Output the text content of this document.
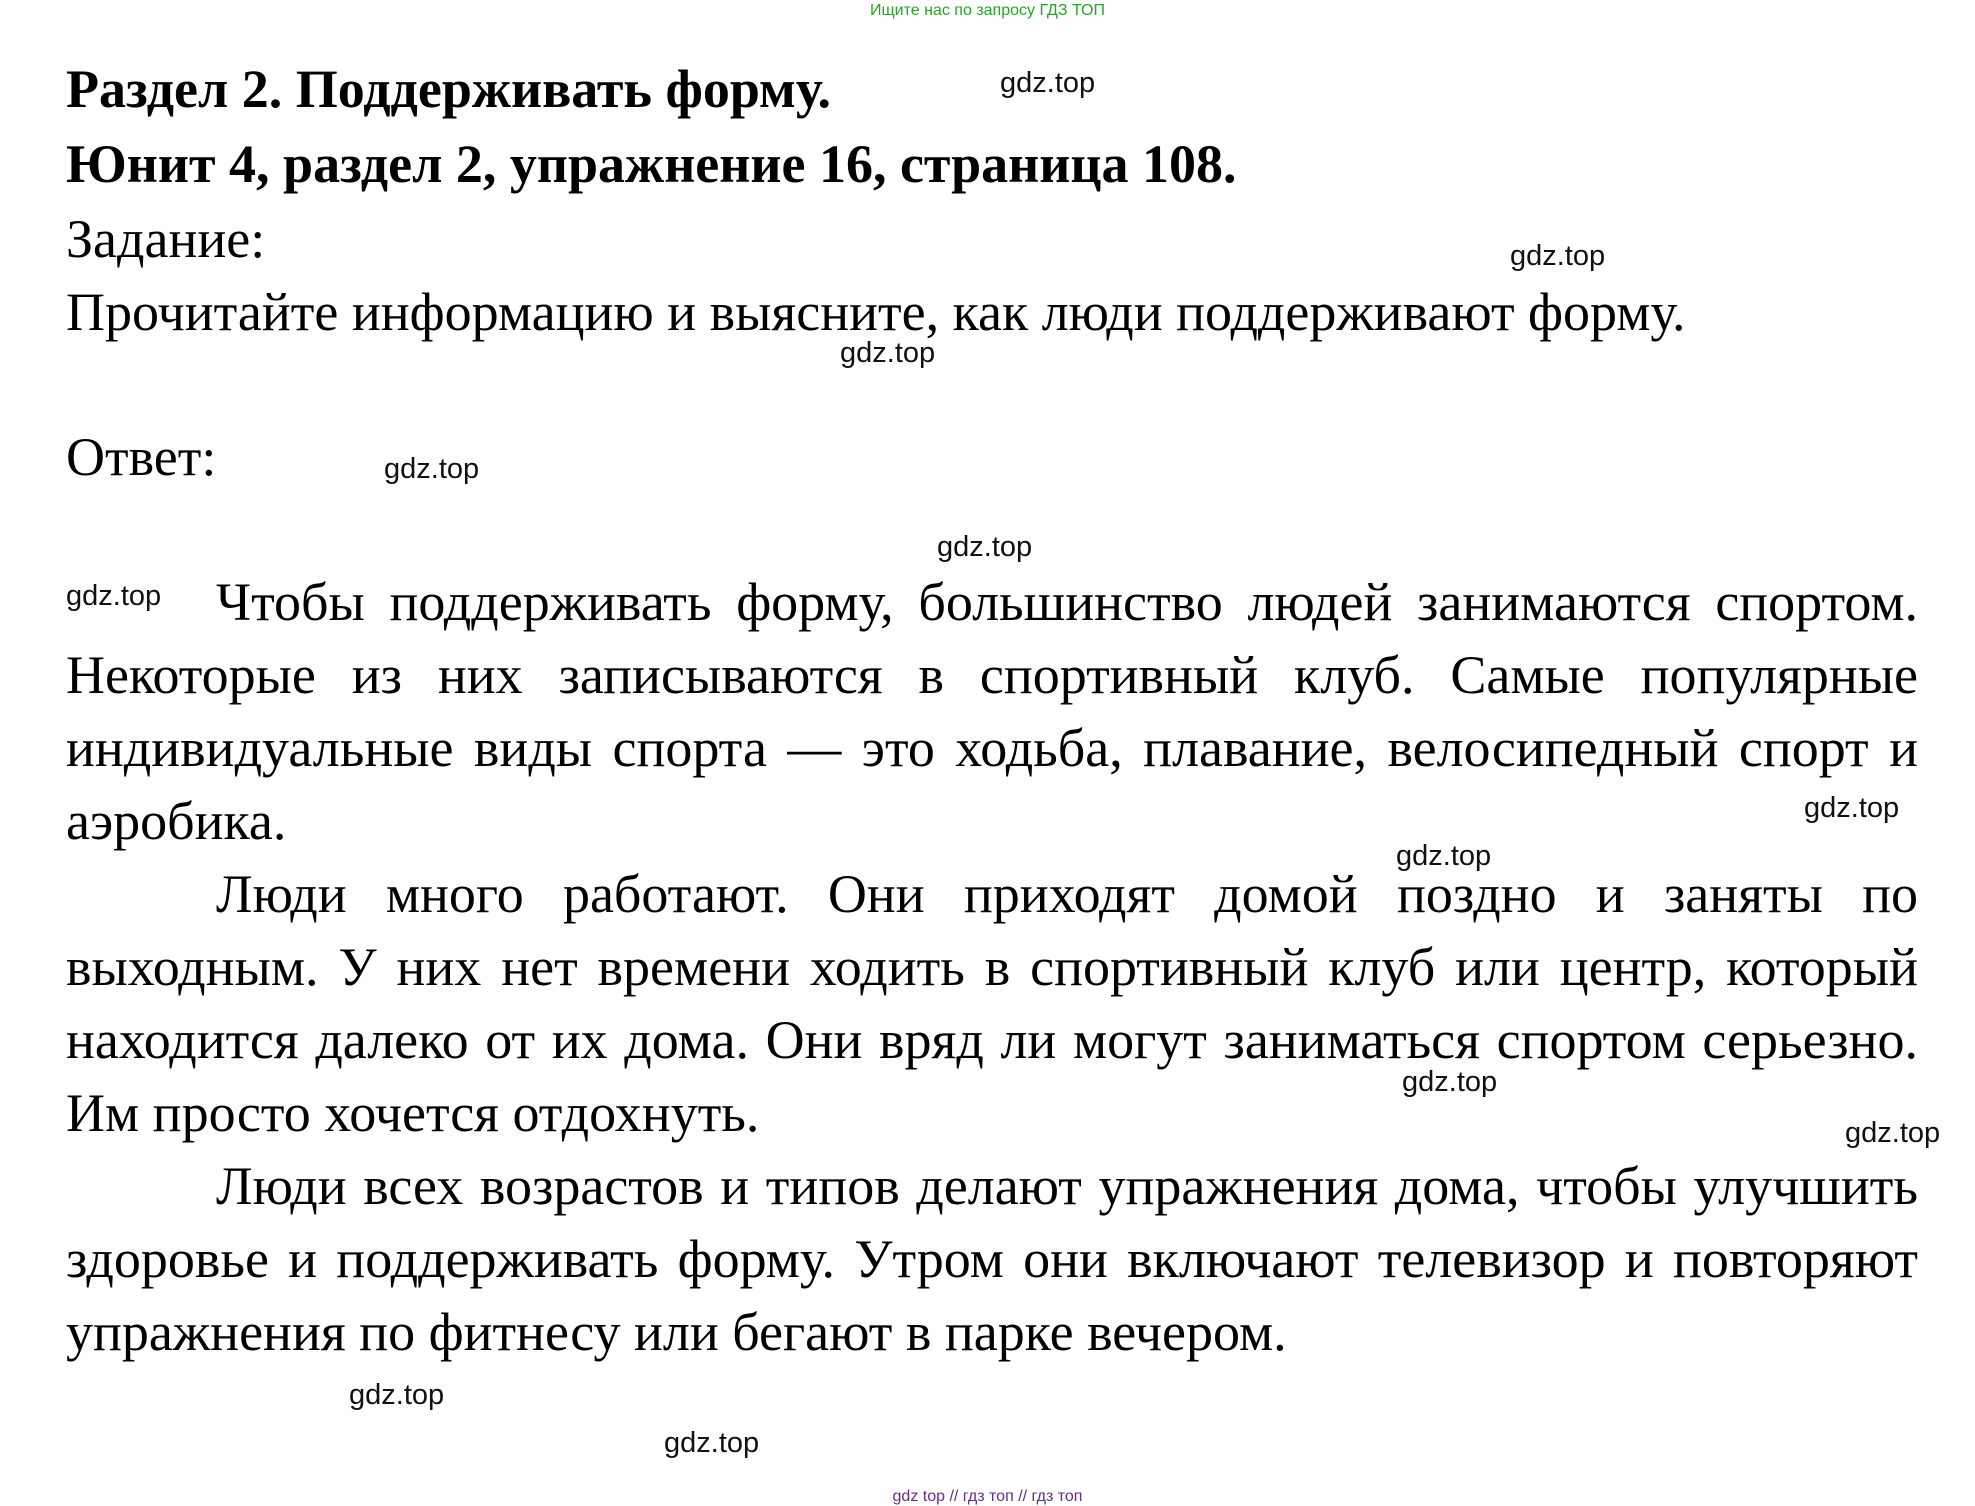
Ищите нас по запросу ГДЗ ТОП
Раздел 2. Поддерживать форму.
Юнит 4, раздел 2, упражнение 16, страница 108.
Задание:
Прочитайте информацию и выясните, как люди поддерживают форму.
Ответ:

Чтобы поддерживать форму, большинство людей занимаются спортом. Некоторые из них записываются в спортивный клуб. Самые популярные индивидуальные виды спорта — это ходьба, плавание, велосипедный спорт и аэробика.

Люди много работают. Они приходят домой поздно и заняты по выходным. У них нет времени ходить в спортивный клуб или центр, который находится далеко от их дома. Они вряд ли могут заниматься спортом серьезно. Им просто хочется отдохнуть.

Люди всех возрастов и типов делают упражнения дома, чтобы улучшить здоровье и поддерживать форму. Утром они включают телевизор и повторяют упражнения по фитнесу или бегают в парке вечером.

gdz.top
gdz.top
gdz.top
gdz.top
gdz.top
gdz.top
gdz.top
gdz.top
gdz.top
gdz.top
gdz.top
gdz.top
gdz top // гдз топ // гдз топ
